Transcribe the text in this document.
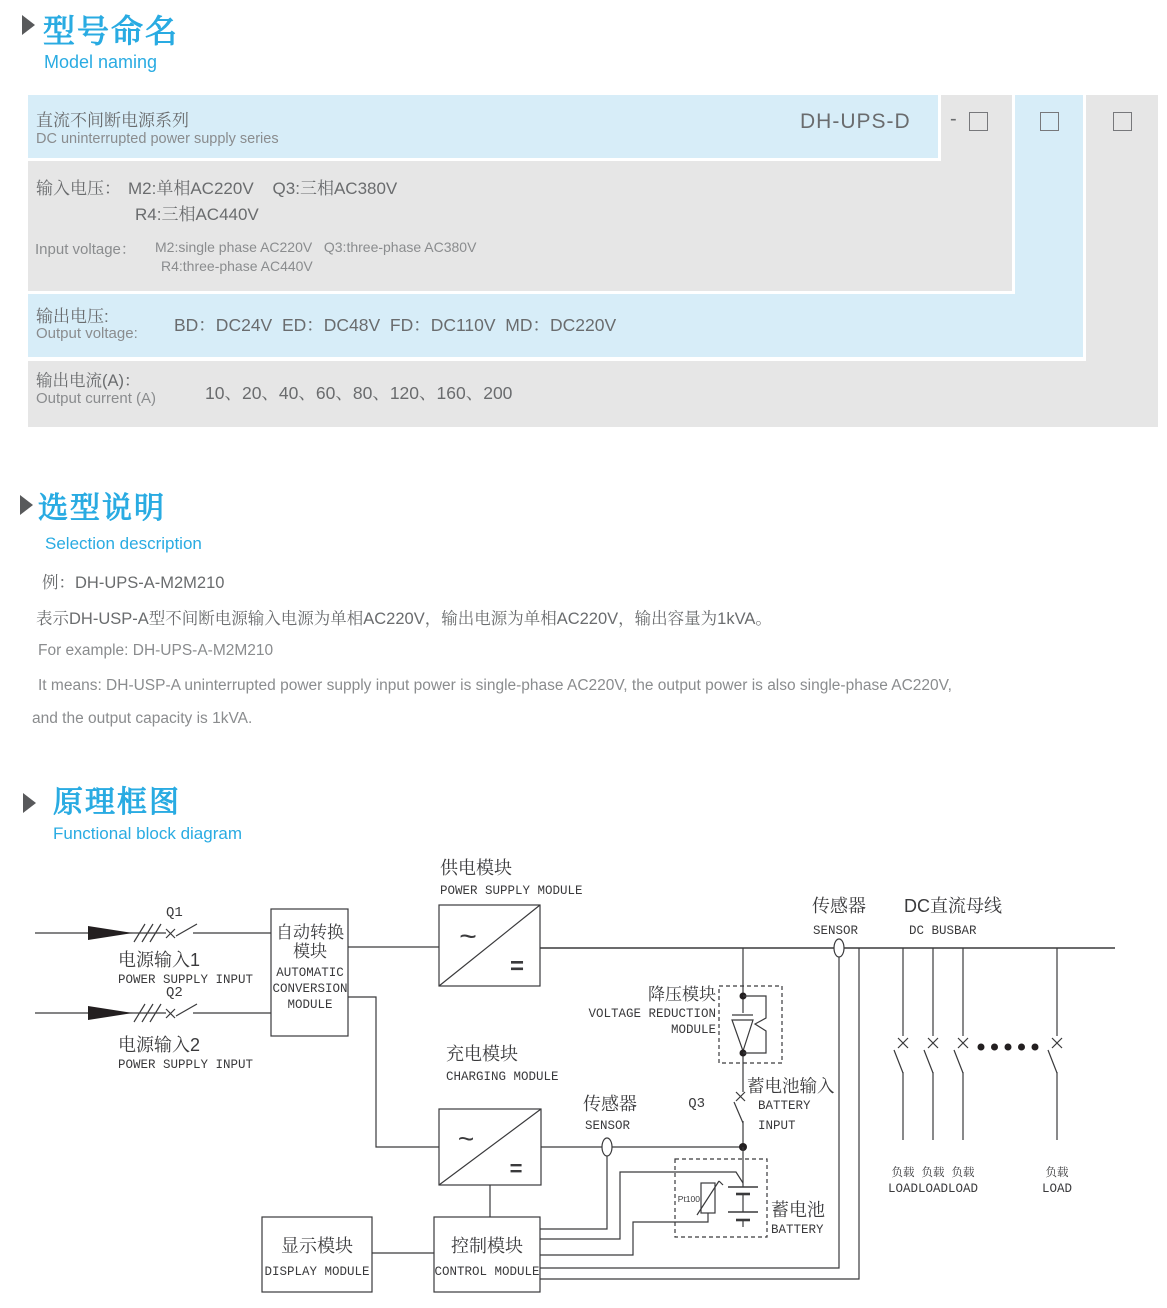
型号命名
Model naming
直流不间断电源系列
DC uninterrupted power supply series
DH-UPS-D -
输入电压： M2:单相AC220V    Q3:三相AC380V
R4:三相AC440V
Input voltage： M2:single phase AC220V   Q3:three-phase AC380V
R4:three-phase AC440V
输出电压:
Output voltage: BD：DC24V  ED：DC48V  FD：DC110V  MD：DC220V
输出电流(A)：
Output current (A)	10、20、40、60、80、120、160、200
选型说明
Selection description
例：DH-UPS-A-M2M210
表示DH-USP-A型不间断电源输入电源为单相AC220V，输出电源为单相AC220V，输出容量为1kVA。
For example: DH-UPS-A-M2M210
It means: DH-USP-A uninterrupted power supply input power is single-phase AC220V, the output power is also single-phase AC220V,
and the output capacity is 1kVA.
原理框图
Functional block diagram
Q1
电源输入1
POWER SUPPLY INPUT
Q2
电源输入2
POWER SUPPLY INPUT
自动转换
模块
AUTOMATIC
CONVERSION
MODULE
供电模块
POWER SUPPLY MODULE
~
=
充电模块
CHARGING MODULE
~
=
传感器
SENSOR
DC直流母线
DC BUSBAR
降压模块
VOLTAGE REDUCTION
MODULE
传感器
SENSOR
Q3
蓄电池输入
BATTERY
INPUT
Pt100
蓄电池
BATTERY
显示模块
DISPLAY MODULE
控制模块
CONTROL MODULE
负载
LOAD
负载
LOAD
负载
LOAD
负载
LOAD
